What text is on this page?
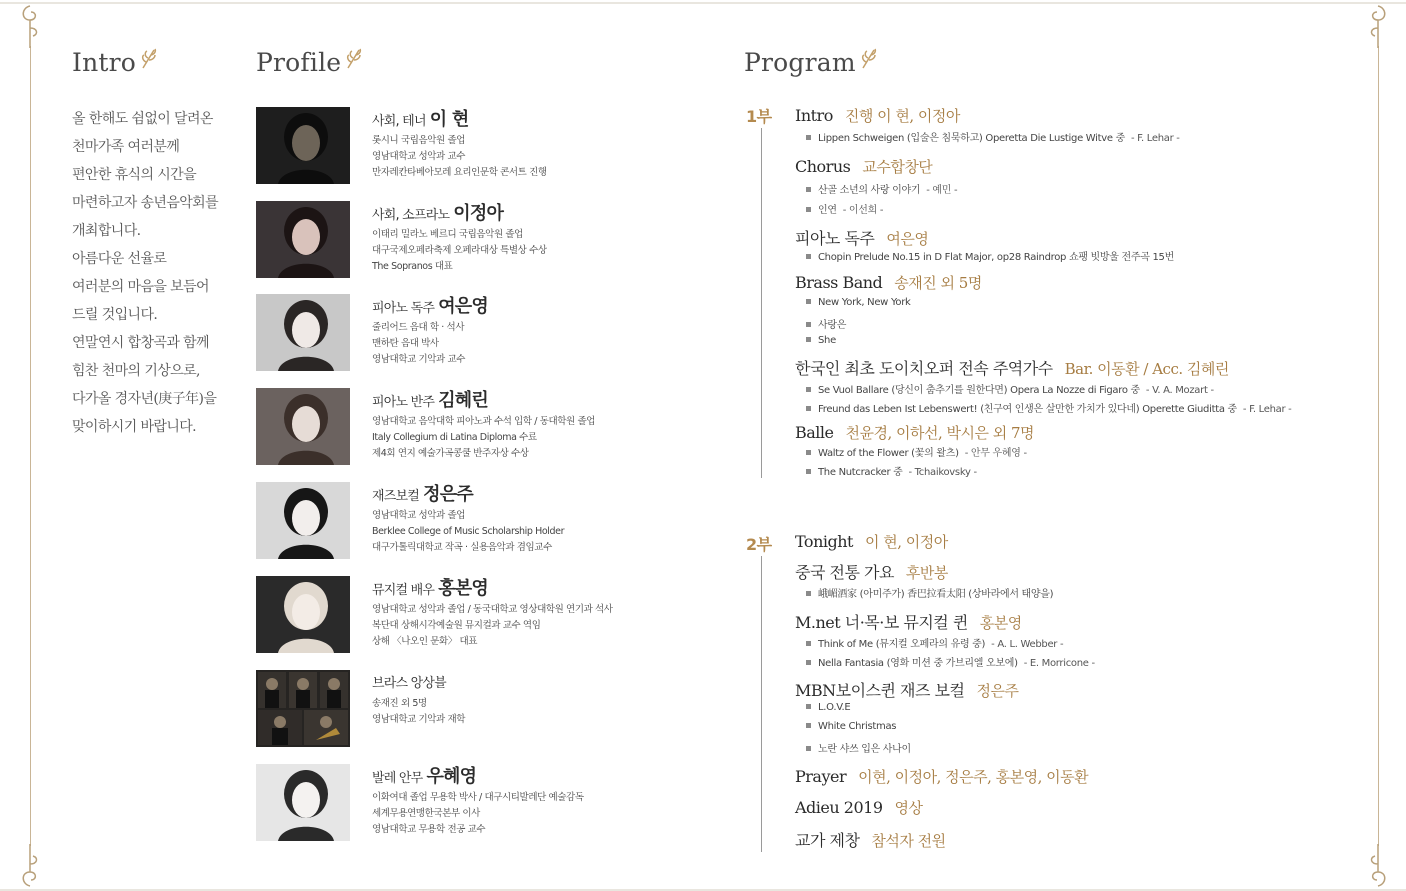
Intro
올 한해도 쉼없이 달려온
천마가족 여러분께
편안한 휴식의 시간을
마련하고자 송년음악회를
개최합니다.
아름다운 선율로
여러분의 마음을 보듬어
드릴 것입니다.
연말연시 합창곡과 함께
힘찬 천마의 기상으로,
다가올 경자년(庚子年)을
맞이하시기 바랍니다.
Profile
사회, 테너 이 현
롯시니 국립음악원 졸업
영남대학교 성악과 교수
만자레칸타베아모레 요리인문학 콘서트 진행
사회, 소프라노 이정아
이태리 밀라노 베르디 국립음악원 졸업
대구국제오페라축제 오페라대상 특별상 수상
The Sopranos 대표
피아노 독주 여은영
줄리어드 음대 학 · 석사
맨하탄 음대 박사
영남대학교 기악과 교수
피아노 반주 김혜린
영남대학교 음악대학 피아노과 수석 입학 / 동대학원 졸업
Italy Collegium di Latina Diploma 수료
제4회 연지 예술가곡콩쿨 반주자상 수상
재즈보컬 정은주
영남대학교 성악과 졸업
Berklee College of Music Scholarship Holder
대구가톨릭대학교 작곡 · 실용음악과 겸임교수
뮤지컬 배우 홍본영
영남대학교 성악과 졸업 / 동국대학교 영상대학원 연기과 석사
복단대 상해시각예술원 뮤지컬과 교수 역임
상해 〈나오인 문화〉 대표
브라스 앙상블
송재진 외 5명
영남대학교 기악과 재학
발레 안무 우혜영
이화여대 졸업 무용학 박사 / 대구시티발레단 예술감독
세계무용연맹한국본부 이사
영남대학교 무용학 전공 교수
Program
1부
2부
Intro 진행 이 현, 이정아
Lippen Schweigen (입술은 침묵하고) Operetta Die Lustige Witve 중 - F. Lehar -
Chorus 교수합창단
산골 소년의 사랑 이야기 - 예민 -
인연 - 이선희 -
피아노 독주 여은영
Chopin Prelude No.15 in D Flat Major, op28 Raindrop 쇼팽 빗방울 전주곡 15번
Brass Band 송재진 외 5명
New York, New York
사랑은
She
한국인 최초 도이치오퍼 전속 주역가수 Bar. 이동환 / Acc. 김혜린
Se Vuol Ballare (당신이 춤추기를 원한다면) Opera La Nozze di Figaro 중 - V. A. Mozart -
Freund das Leben Ist Lebenswert! (친구여 인생은 살만한 가치가 있다네) Operette Giuditta 중 - F. Lehar -
Balle 천윤경, 이하선, 박시은 외 7명
Waltz of the Flower (꽃의 왈츠) - 안무 우혜영 -
The Nutcracker 중 - Tchaikovsky -
Tonight 이 현, 이정아
중국 전통 가요 후반봉
峨嵋酒家 (아미주가) 香巴拉看太阳 (상바라에서 태양을)
M.net 너·목·보 뮤지컬 퀸 홍본영
Think of Me (뮤지컬 오페라의 유령 중) - A. L. Webber -
Nella Fantasia (영화 미션 중 가브리엘 오보에) - E. Morricone -
MBN보이스퀸 재즈 보컬 정은주
L.O.V.E
White Christmas
노란 샤쓰 입은 사나이
Prayer 이현, 이정아, 정은주, 홍본영, 이동환
Adieu 2019 영상
교가 제창 참석자 전원
